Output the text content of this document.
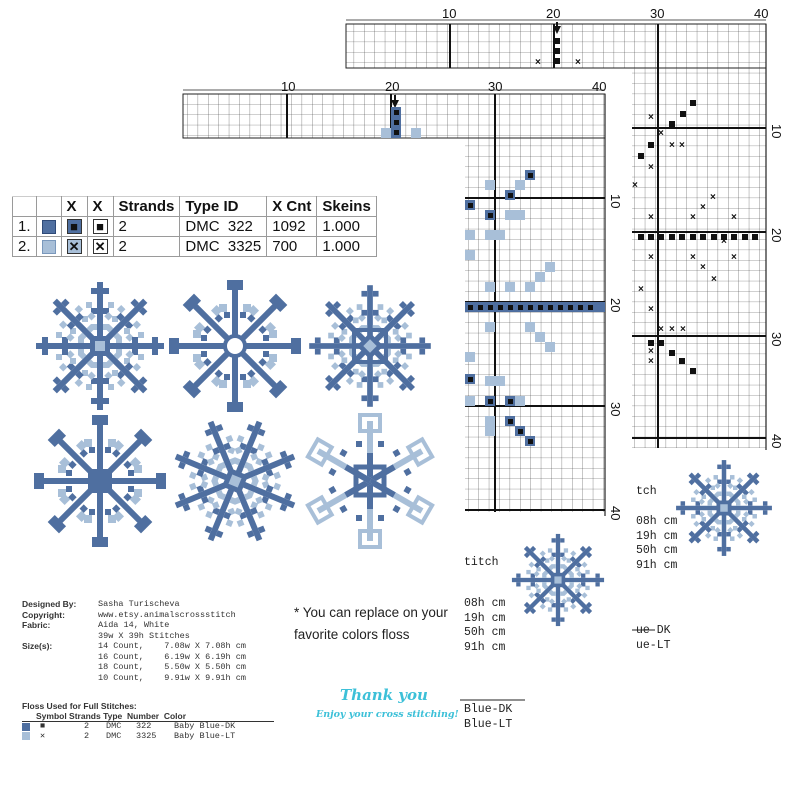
×	×
×
×
× ×
×
×
×
×
×	×	×
×
×	×	×
×
×
×
×
× × ×
×
×
10	20	30	40
10
20
30
40
10	20	30	40
10
20
30
40

tch
08h cm
19h cm
50h cm
91h cm
ue-DK
ue-LT

titch
08h cm
19h cm
50h cm
91h cm
Blue-DK
Blue-LT

		X	X	Strands	Type ID	X Cnt	Skeins
1.		■	■	2	DMC  322	1092	1.000
2.		✕	✕	2	DMC  3325	700	1.000
Designed By:	Sasha Turischeva
Copyright:	www.etsy.animalscrossstitch
Fabric:	Aida 14, White
39w X 39h Stitches
Size(s):	14 Count,    7.08w X 7.08h cm
16 Count,    6.19w X 6.19h cm
18 Count,    5.50w X 5.50h cm
10 Count,    9.91w X 9.91h cm
Floss Used for Full Stitches:
Symbol Strands Type  Number  Color
■	2	DMC	322	Baby Blue-DK
✕	2	DMC	3325	Baby Blue-LT
* You can replace on your
favorite colors floss
Thank you
Enjoy your cross stitching!
